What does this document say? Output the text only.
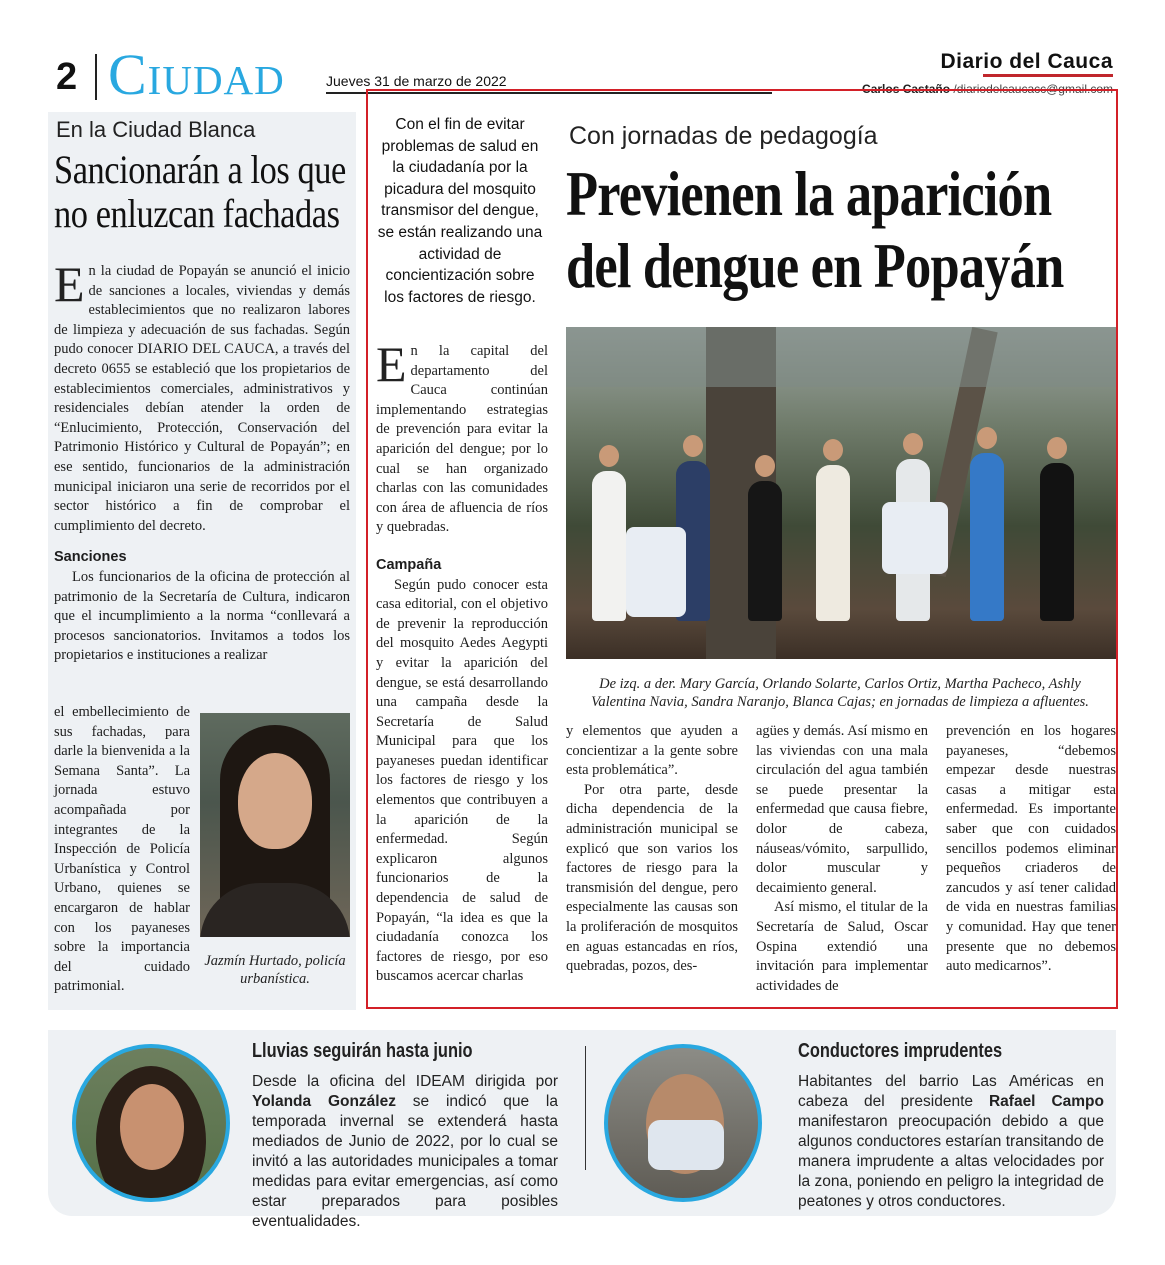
2 Ciudad	Jueves 31 de marzo de 2022
Diario del Cauca
Carlos Castaño /diariodelcaucacc@gmail.com
En la Ciudad Blanca
Sancionarán a los que no enluzcan fachadas

En la ciudad de Popayán se anunció el inicio de sanciones a locales, viviendas y demás establecimientos que no realizaron labores de limpieza y adecuación de sus fachadas. Según pudo conocer DIARIO DEL CAUCA, a través del decreto 0655 se estableció que los propietarios de establecimientos comerciales, administrativos y residenciales debían atender la orden de “Enlucimiento, Protección, Conservación del Patrimonio Histórico y Cultural de Popayán”; en ese sentido, funcionarios de la administración municipal iniciaron una serie de recorridos por el sector histórico a fin de comprobar el cumplimiento del decreto.

Sanciones

Los funcionarios de la oficina de protección al patrimonio de la Secretaría de Cultura, indicaron que el incumplimiento a la norma “conllevará a procesos sancionatorios. Invitamos a todos los propietarios e instituciones a realizar

el embellecimiento de sus fachadas, para darle la bienvenida a la Semana Santa”. La jornada estuvo acompañada por integrantes de la Inspección de Policía Urbanística y Control Urbano, quienes se encargaron de hablar con los payaneses sobre la importancia del cuidado patrimonial.

Jazmín Hurtado, policía urbanística.
Con el fin de evitar problemas de salud en la ciudadanía por la picadura del mosquito transmisor del dengue, se están realizando una actividad de concientización sobre los factores de riesgo.
Con jornadas de pedagogía
Previenen la aparición del dengue en Popayán

En la capital del departamento del Cauca continúan implementando estrategias de prevención para evitar la aparición del dengue; por lo cual se han organizado charlas con las comunidades con área de afluencia de ríos y quebradas.

Campaña

Según pudo conocer esta casa editorial, con el objetivo de prevenir la reproducción del mosquito Aedes Aegypti y evitar la aparición del dengue, se está desarrollando una campaña desde la Secretaría de Salud Municipal para que los payaneses puedan identificar los factores de riesgo y los elementos que contribuyen a la aparición de la enfermedad. Según explicaron algunos funcionarios de la dependencia de salud de Popayán, “la idea es que la ciudadanía conozca los factores de riesgo, por eso buscamos acercar charlas

De izq. a der. Mary García, Orlando Solarte, Carlos Ortiz, Martha Pacheco, Ashly Valentina Navia, Sandra Naranjo, Blanca Cajas; en jornadas de limpieza a afluentes.

y elementos que ayuden a concientizar a la gente sobre esta problemática”.

Por otra parte, desde dicha dependencia de la administración municipal se explicó que son varios los factores de riesgo para la transmisión del dengue, pero especialmente las causas son la proliferación de mosquitos en aguas estancadas en ríos, quebradas, pozos, des-

agües y demás. Así mismo en las viviendas con una mala circulación del agua también se puede presentar la enfermedad que causa fiebre, dolor de cabeza, náuseas/vómito, sarpullido, dolor muscular y decaimiento general.

Así mismo, el titular de la Secretaría de Salud, Oscar Ospina extendió una invitación para implementar actividades de

prevención en los hogares payaneses, “debemos empezar desde nuestras casas a mitigar esta enfermedad. Es importante saber que con cuidados sencillos podemos eliminar pequeños criaderos de zancudos y así tener calidad de vida en nuestras familias y comunidad. Hay que tener presente que no debemos auto medicarnos”.

Lluvias seguirán hasta junio
Desde la oficina del IDEAM dirigida por Yolanda González se indicó que la temporada invernal se extenderá hasta mediados de Junio de 2022, por lo cual se invitó a las autoridades municipales a tomar medidas para evitar emergencias, así como estar preparados para posibles eventualidades.
Conductores imprudentes
Habitantes del barrio Las Américas en cabeza del presidente Rafael Campo manifestaron preocupación debido a que algunos conductores estarían transitando de manera imprudente a altas velocidades por la zona, poniendo en peligro la integridad de peatones y otros conductores.
